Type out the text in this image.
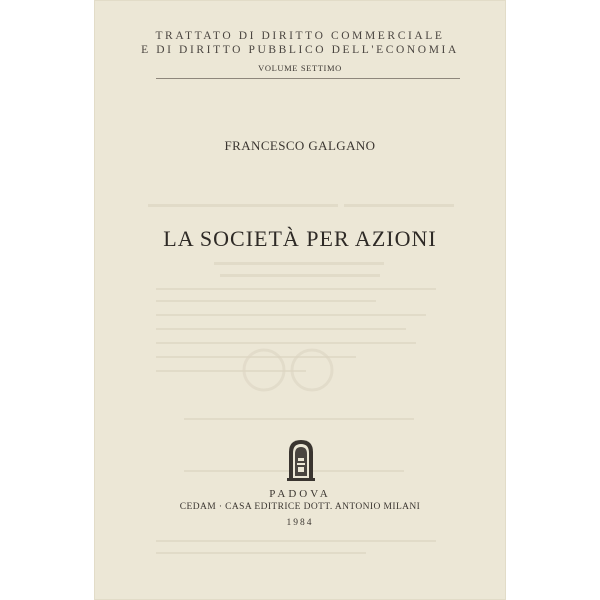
TRATTATO DI DIRITTO COMMERCIALE
E DI DIRITTO PUBBLICO DELL'ECONOMIA
VOLUME SETTIMO
FRANCESCO GALGANO
LA SOCIETÀ PER AZIONI
PADOVA
CEDAM · CASA EDITRICE DOTT. ANTONIO MILANI
1984
